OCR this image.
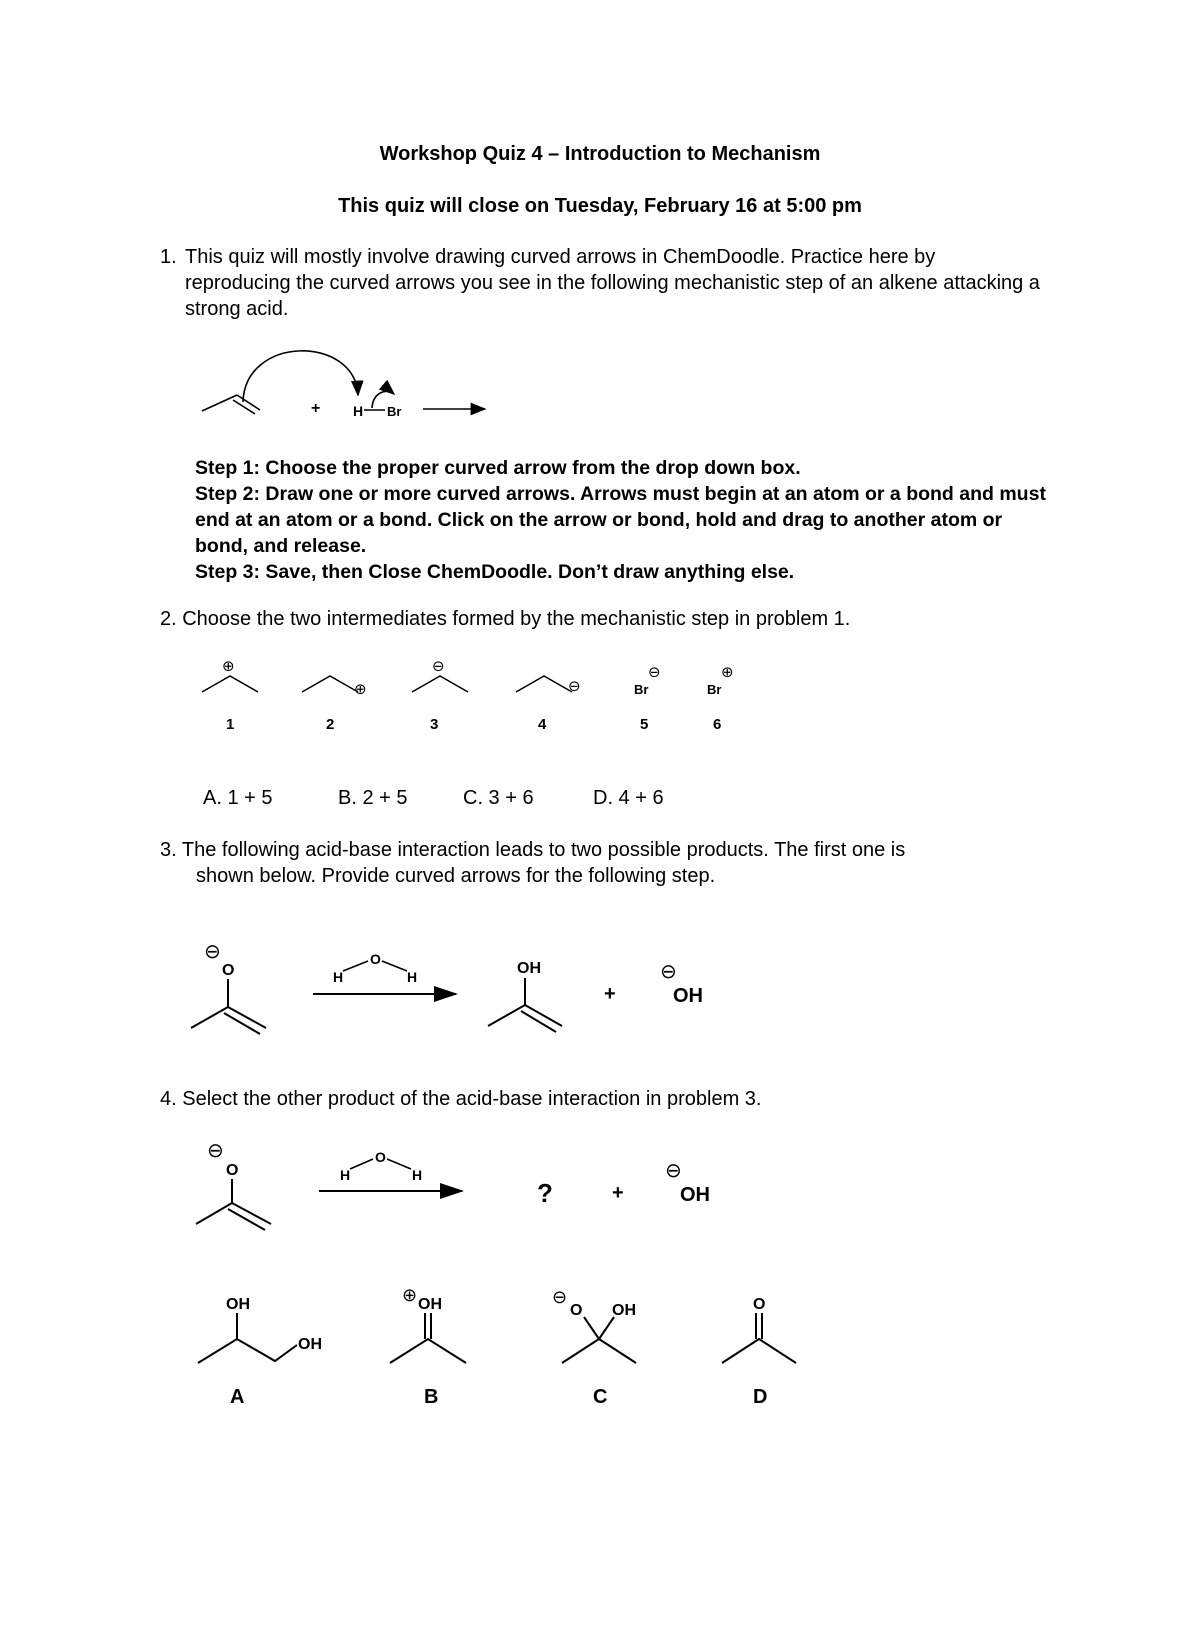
Workshop Quiz 4 – Introduction to Mechanism
This quiz will close on Tuesday, February 16 at 5:00 pm
1. This quiz will mostly involve drawing curved arrows in ChemDoodle. Practice here by reproducing the curved arrows you see in the following mechanistic step of an alkene attacking a strong acid.
+ H Br
Step 1: Choose the proper curved arrow from the drop down box.
Step 2: Draw one or more curved arrows. Arrows must begin at an atom or a bond and must end at an atom or a bond. Click on the arrow or bond, hold and drag to another atom or bond, and release.
Step 3: Save, then Close ChemDoodle. Don’t draw anything else.
2. Choose the two intermediates formed by the mechanistic step in problem 1.
⊕
⊕
⊖
⊖
⊖
Br
⊕
Br
1	2	3	4	5	6
A. 1 + 5	B. 2 + 5	C. 3 + 6	D. 4 + 6
3. The following acid-base interaction leads to two possible products. The first one is
shown below. Provide curved arrows for the following step.
⊖
O	H
O
H	OH
+
⊖
OH
4. Select the other product of the acid-base interaction in problem 3.
⊖
O	H
O
H
?	+
⊖
OH
OH
OH
⊕ OH	⊖
O OH	O
A	B	C	D
